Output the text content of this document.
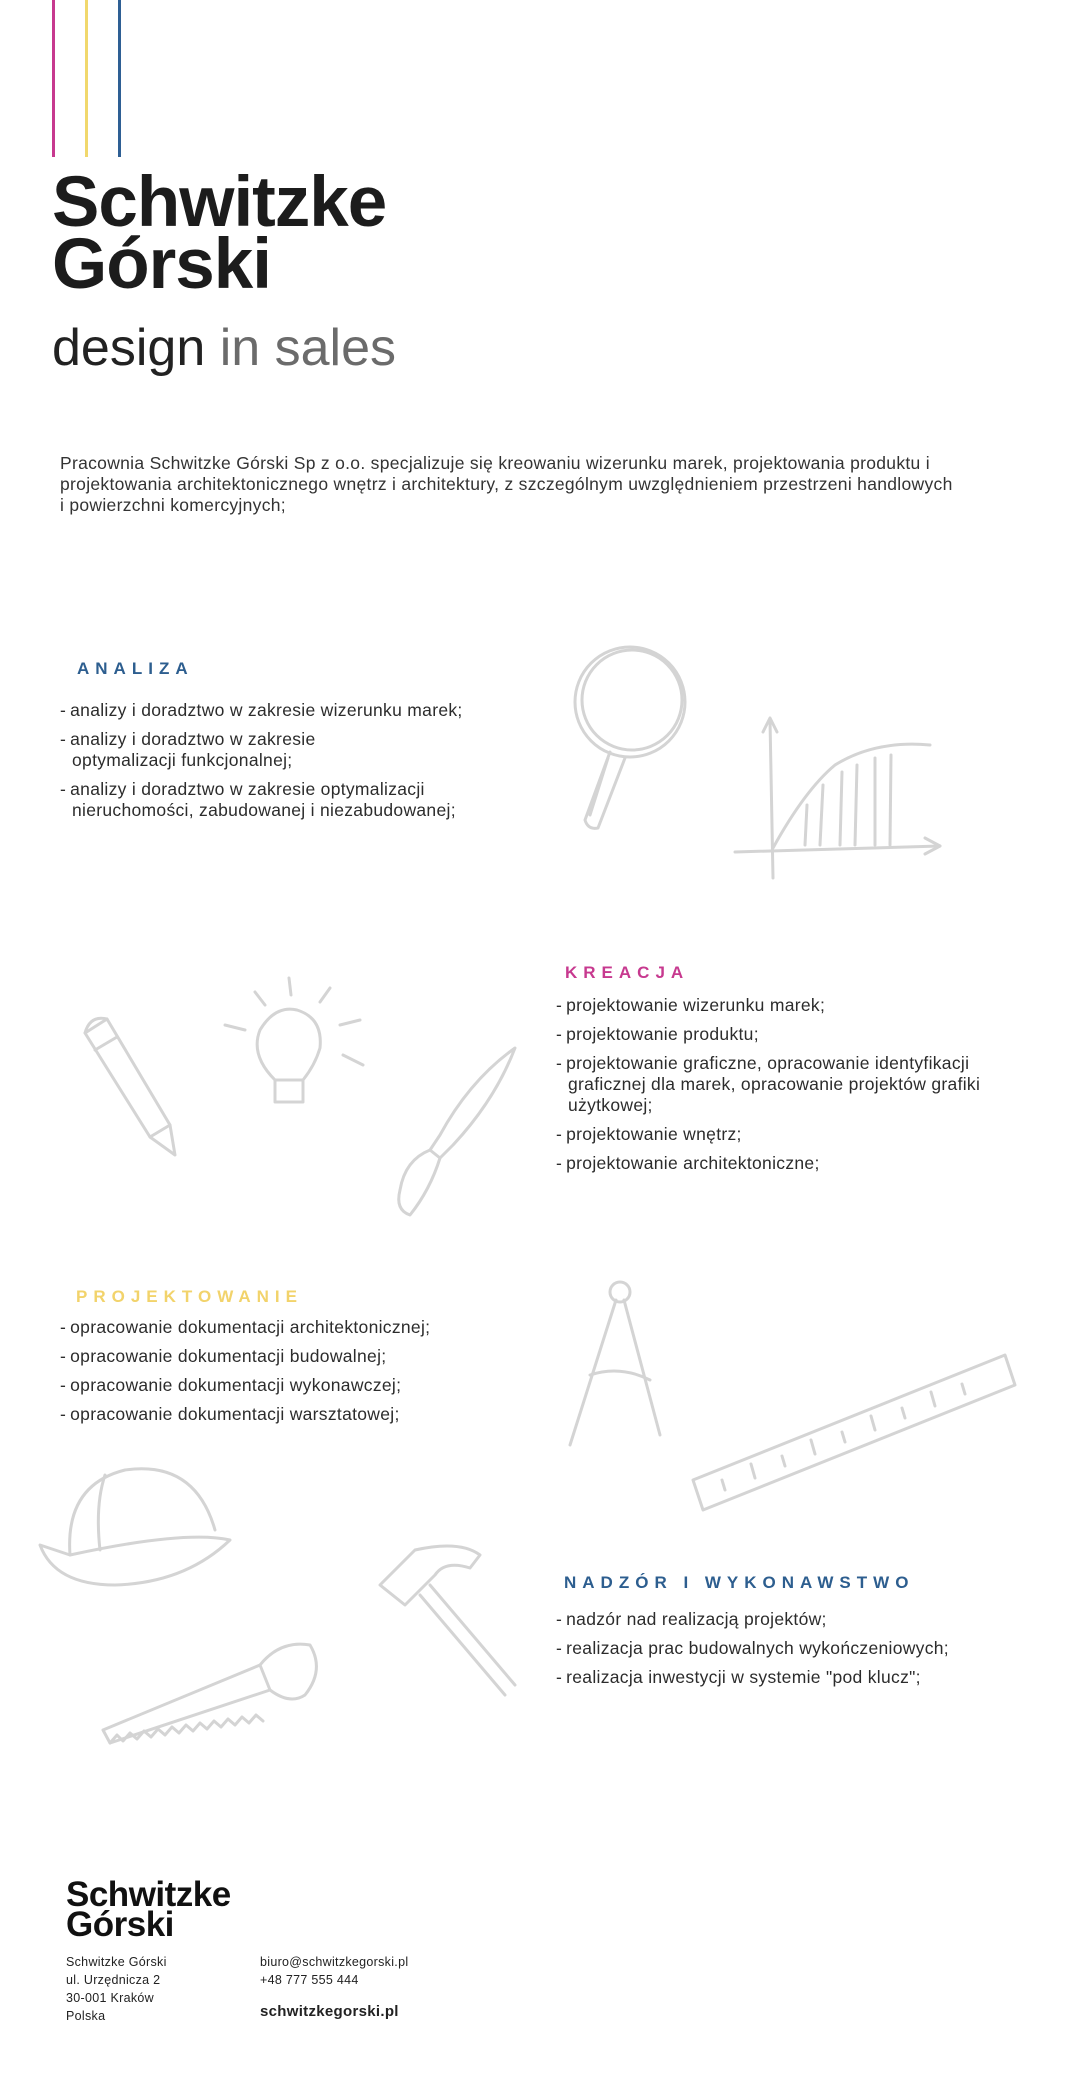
Schwitzke
Górski
design in sales
Pracownia Schwitzke Górski Sp z o.o. specjalizuje się kreowaniu wizerunku marek, projektowania produktu i projektowania architektonicznego wnętrz i architektury, z szczególnym uwzględnieniem przestrzeni handlowych i powierzchni komercyjnych;
ANALIZA
- analizy i doradztwo w zakresie wizerunku marek;
- analizy i doradztwo w zakresie optymalizacji funkcjonalnej;
- analizy i doradztwo w zakresie optymalizacji nieruchomości, zabudowanej i niezabudowanej;
KREACJA
- projektowanie wizerunku marek;
- projektowanie produktu;
- projektowanie graficzne, opracowanie identyfikacji graficznej dla marek, opracowanie projektów grafiki użytkowej;
- projektowanie wnętrz;
- projektowanie architektoniczne;
PROJEKTOWANIE
- opracowanie dokumentacji architektonicznej;
- opracowanie dokumentacji budowalnej;
- opracowanie dokumentacji wykonawczej;
- opracowanie dokumentacji warsztatowej;
NADZÓR I WYKONAWSTWO
- nadzór nad realizacją projektów;
- realizacja prac budowalnych wykończeniowych;
- realizacja inwestycji w systemie "pod klucz";
Schwitzke
Górski
Schwitzke Górski
ul. Urzędnicza 2
30-001 Kraków
Polska
biuro@schwitzkegorski.pl
+48 777 555 444
schwitzkegorski.pl
